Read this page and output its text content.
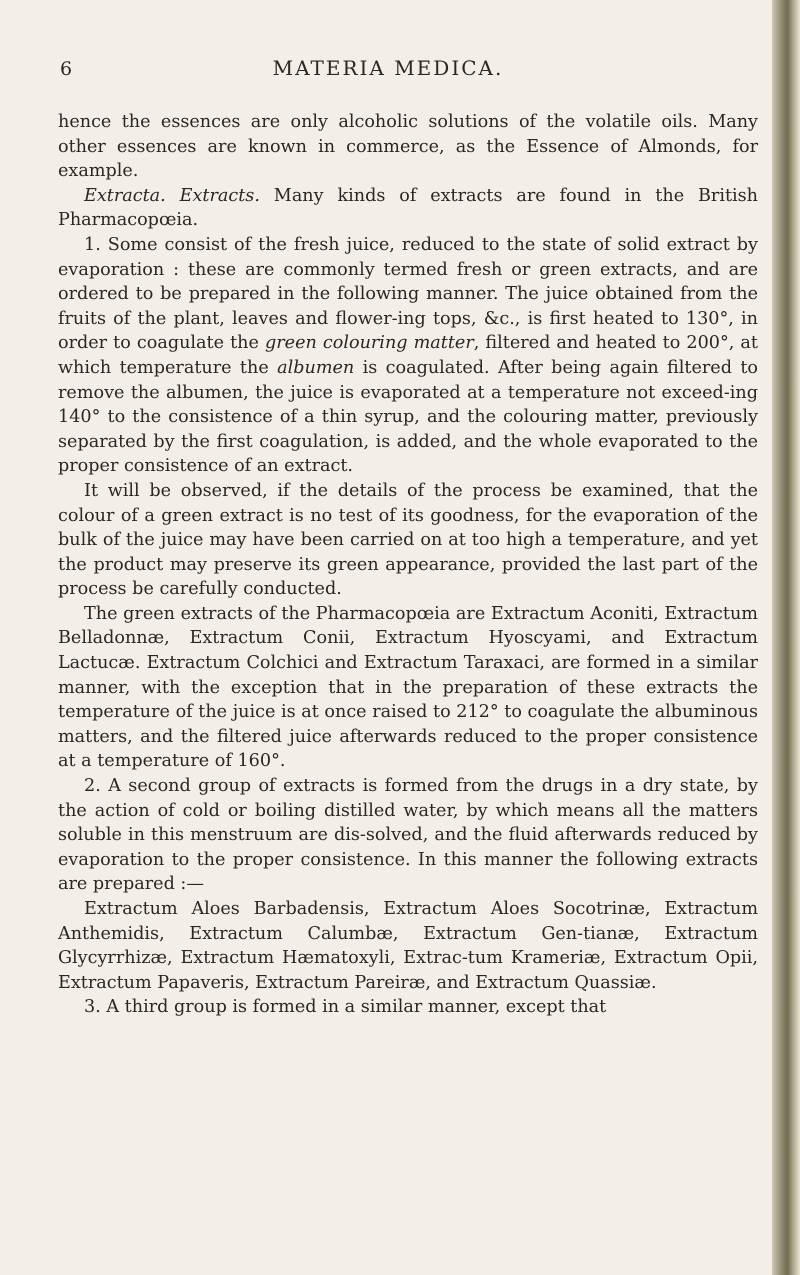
6	MATERIA MEDICA.

hence the essences are only alcoholic solutions of the volatile oils. Many other essences are known in commerce, as the Essence of Almonds, for example.

Extracta. Extracts. Many kinds of extracts are found in the British Pharmacopœia.

1. Some consist of the fresh juice, reduced to the state of solid extract by evaporation : these are commonly termed fresh or green extracts, and are ordered to be prepared in the following manner. The juice obtained from the fruits of the plant, leaves and flower-ing tops, &c., is first heated to 130°, in order to coagulate the green colouring matter, filtered and heated to 200°, at which temperature the albumen is coagulated. After being again filtered to remove the albumen, the juice is evaporated at a temperature not exceed-ing 140° to the consistence of a thin syrup, and the colouring matter, previously separated by the first coagulation, is added, and the whole evaporated to the proper consistence of an extract.

It will be observed, if the details of the process be examined, that the colour of a green extract is no test of its goodness, for the evaporation of the bulk of the juice may have been carried on at too high a temperature, and yet the product may preserve its green appearance, provided the last part of the process be carefully conducted.

The green extracts of the Pharmacopœia are Extractum Aconiti, Extractum Belladonnæ, Extractum Conii, Extractum Hyoscyami, and Extractum Lactucæ. Extractum Colchici and Extractum Taraxaci, are formed in a similar manner, with the exception that in the preparation of these extracts the temperature of the juice is at once raised to 212° to coagulate the albuminous matters, and the filtered juice afterwards reduced to the proper consistence at a temperature of 160°.

2. A second group of extracts is formed from the drugs in a dry state, by the action of cold or boiling distilled water, by which means all the matters soluble in this menstruum are dis-solved, and the fluid afterwards reduced by evaporation to the proper consistence. In this manner the following extracts are prepared :—

Extractum Aloes Barbadensis, Extractum Aloes Socotrinæ, Extractum Anthemidis, Extractum Calumbæ, Extractum Gen-tianæ, Extractum Glycyrrhizæ, Extractum Hæmatoxyli, Extrac-tum Krameriæ, Extractum Opii, Extractum Papaveris, Extractum Pareiræ, and Extractum Quassiæ.

3. A third group is formed in a similar manner, except that
